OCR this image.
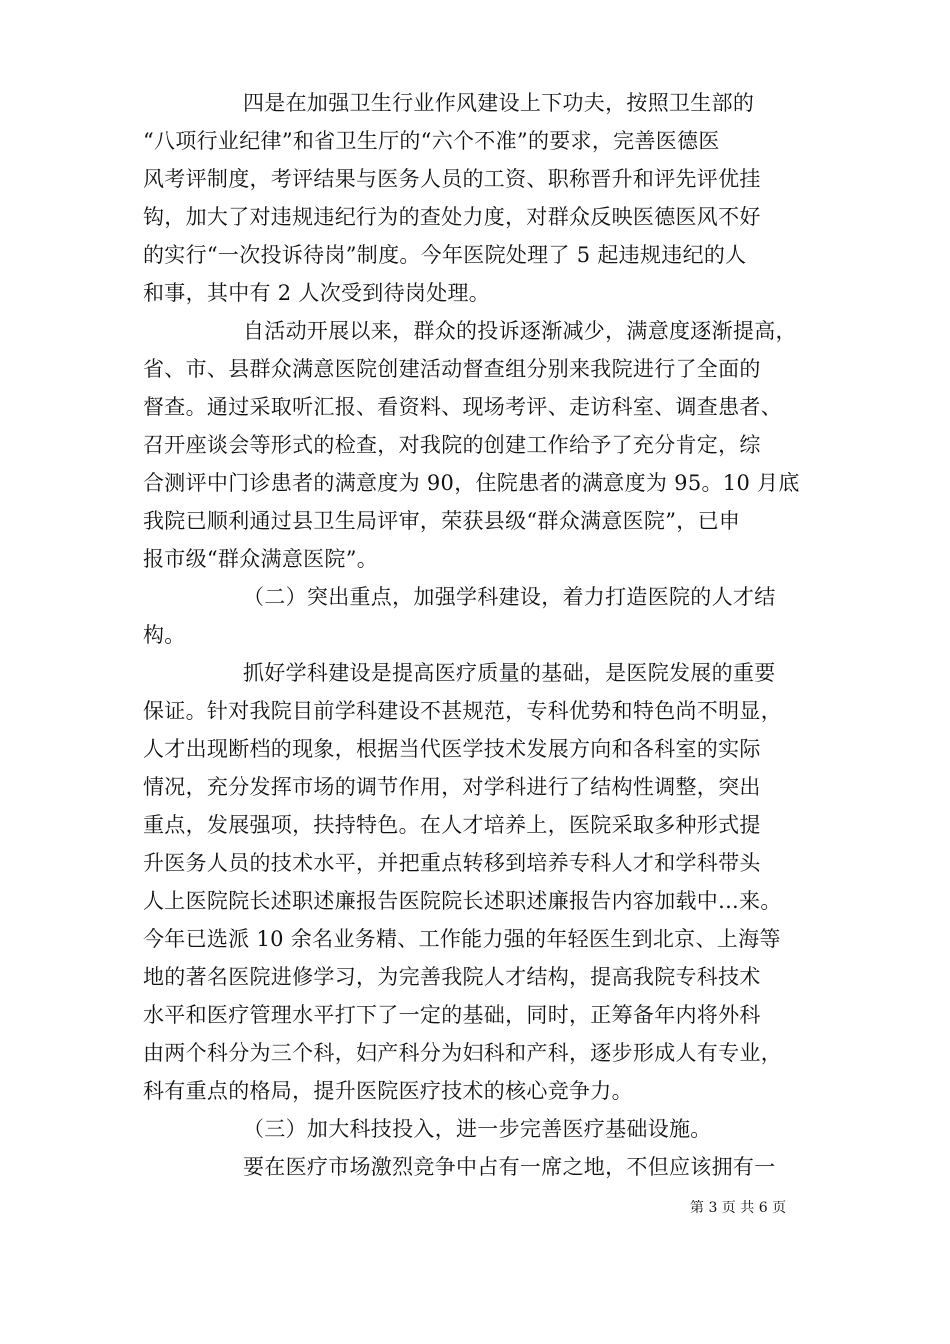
四是在加强卫生行业作风建设上下功夫，按照卫生部的
“八项行业纪律”和省卫生厅的“六个不准”的要求，完善医德医
风考评制度，考评结果与医务人员的工资、职称晋升和评先评优挂
钩，加大了对违规违纪行为的查处力度，对群众反映医德医风不好
的实行“一次投诉待岗”制度。今年医院处理了 5 起违规违纪的人
和事，其中有 2 人次受到待岗处理。
自活动开展以来，群众的投诉逐渐减少，满意度逐渐提高，
省、市、县群众满意医院创建活动督查组分别来我院进行了全面的
督查。通过采取听汇报、看资料、现场考评、走访科室、调查患者、
召开座谈会等形式的检查，对我院的创建工作给予了充分肯定，综
合测评中门诊患者的满意度为 90，住院患者的满意度为 95。10 月底
我院已顺利通过县卫生局评审，荣获县级“群众满意医院”，已申
报市级“群众满意医院”。
（二）突出重点，加强学科建设，着力打造医院的人才结
构。
抓好学科建设是提高医疗质量的基础，是医院发展的重要
保证。针对我院目前学科建设不甚规范，专科优势和特色尚不明显，
人才出现断档的现象，根据当代医学技术发展方向和各科室的实际
情况，充分发挥市场的调节作用，对学科进行了结构性调整，突出
重点，发展强项，扶持特色。在人才培养上，医院采取多种形式提
升医务人员的技术水平，并把重点转移到培养专科人才和学科带头
人上医院院长述职述廉报告医院院长述职述廉报告内容加载中...来。
今年已选派 10 余名业务精、工作能力强的年轻医生到北京、上海等
地的著名医院进修学习，为完善我院人才结构，提高我院专科技术
水平和医疗管理水平打下了一定的基础，同时，正筹备年内将外科
由两个科分为三个科，妇产科分为妇科和产科，逐步形成人有专业，
科有重点的格局，提升医院医疗技术的核心竞争力。
（三）加大科技投入，进一步完善医疗基础设施。
要在医疗市场激烈竞争中占有一席之地，不但应该拥有一
第 3 页 共 6 页
